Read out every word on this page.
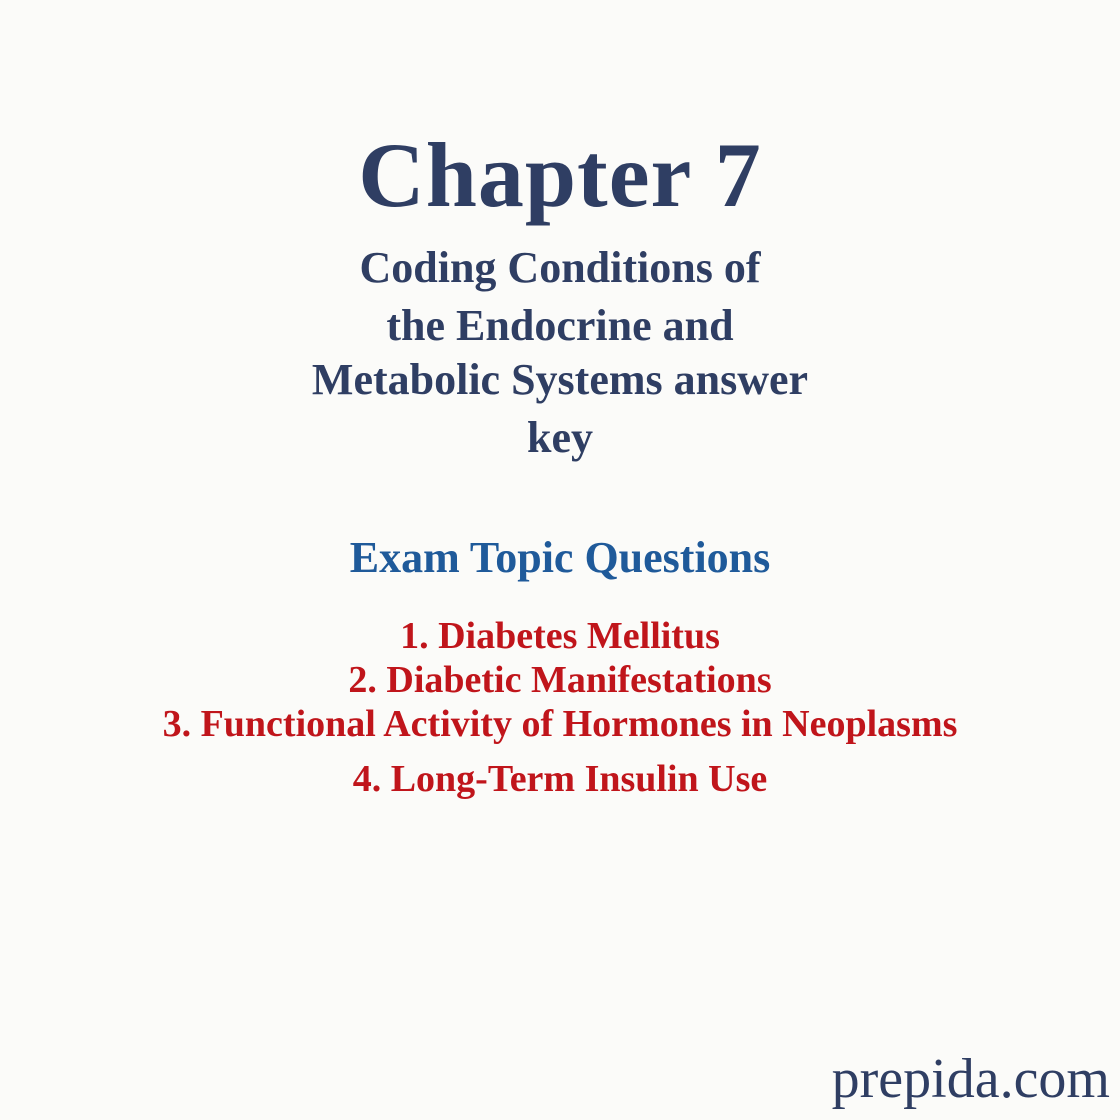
Chapter 7
Coding Conditions of
the Endocrine and
Metabolic Systems answer
key
Exam Topic Questions
1. Diabetes Mellitus
2. Diabetic Manifestations
3. Functional Activity of Hormones in Neoplasms
4. Long-Term Insulin Use
prepida.com
